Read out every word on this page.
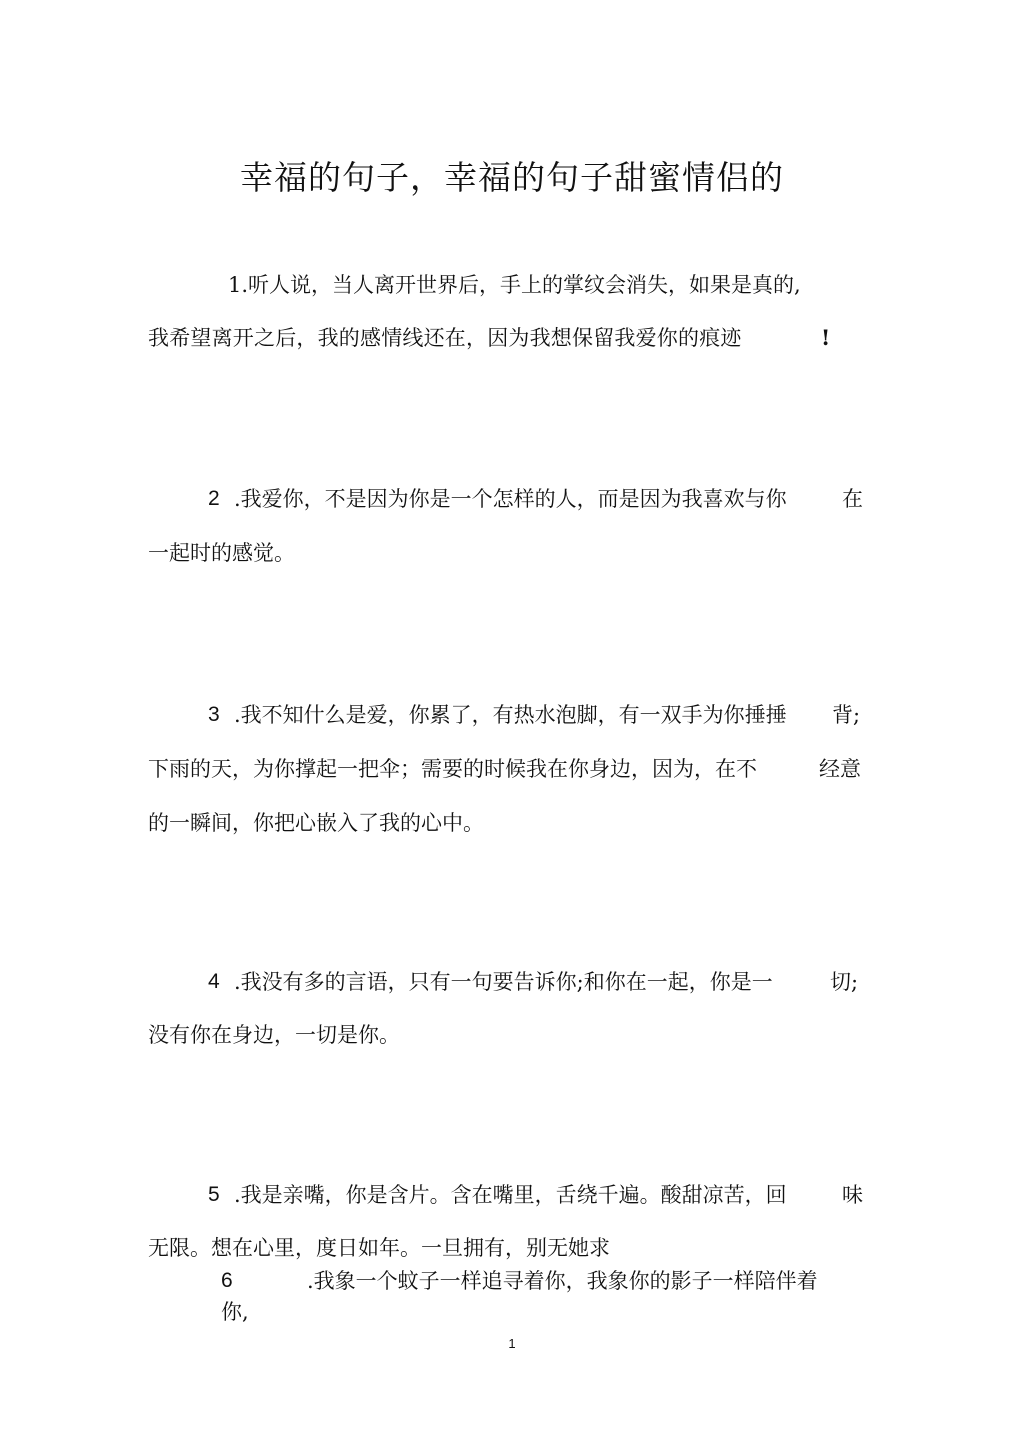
幸福的句子，幸福的句子甜蜜情侣的
1.听人说，当人离开世界后，手上的掌纹会消失，如果是真的,
我希望离开之后，我的感情线还在，因为我想保留我爱你的痕迹	!
2 .我爱你，不是因为你是一个怎样的人，而是因为我喜欢与你	在
一起时的感觉。
3 .我不知什么是爱，你累了，有热水泡脚，有一双手为你捶捶 背;
下雨的天，为你撑起一把伞；需要的时候我在你身边，因为，在不	经意
的一瞬间，你把心嵌入了我的心中。
4 .我没有多的言语，只有一句要告诉你;和你在一起，你是一	切;
没有你在身边，一切是你。
5 .我是亲嘴，你是含片。含在嘴里，舌绕千遍。酸甜凉苦，回	味
无限。想在心里，度日如年。一旦拥有，别无她求
6	.我象一个蚊子一样追寻着你，我象你的影子一样陪伴着
你,
1
